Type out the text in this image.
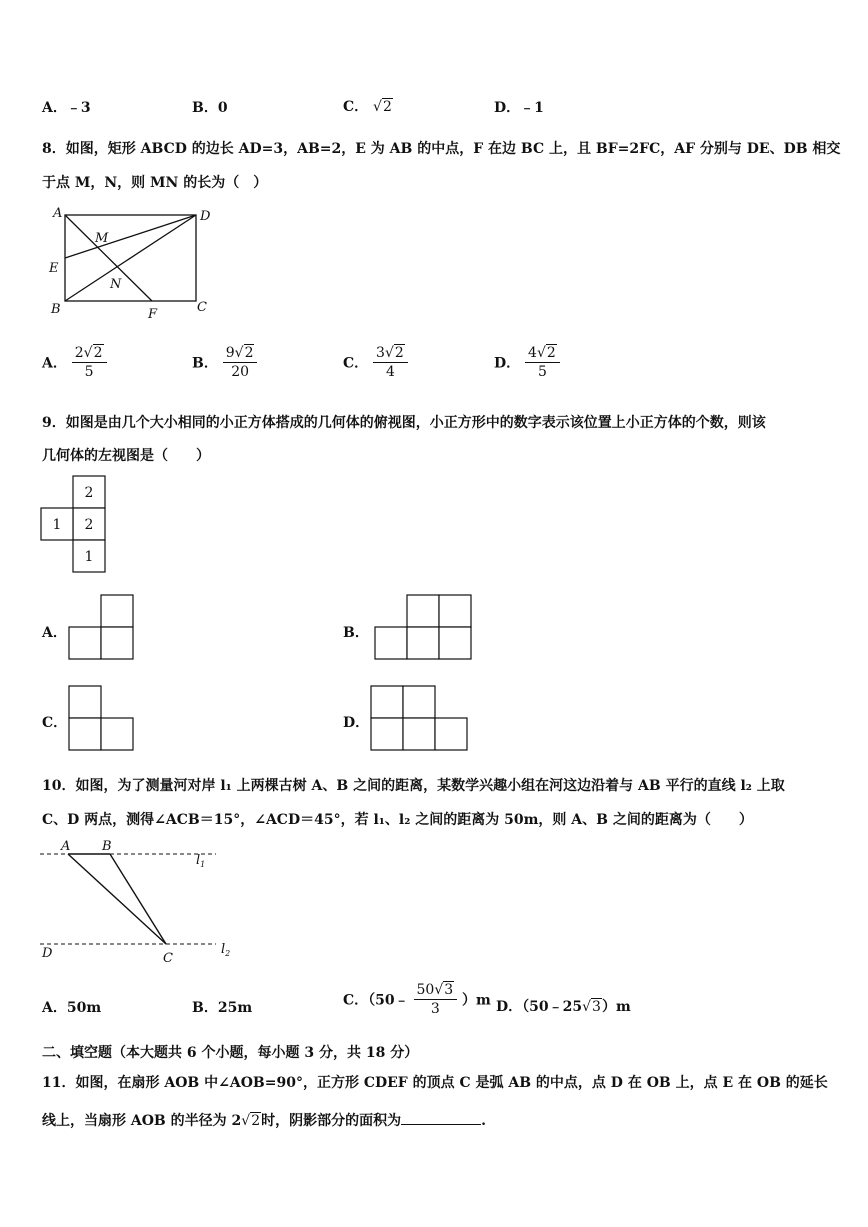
A．﹣3	B．0	C． √2	D．﹣1
8．如图，矩形 ABCD 的边长 AD=3，AB=2，E 为 AB 的中点，F 在边 BC 上，且 BF=2FC，AF 分别与 DE、DB 相交
于点 M，N，则 MN 的长为（　）
A	D
M
E
N
B	F	C
A． $\frac{2√2}{5}$	B． $\frac{9√2}{20}$	C． $\frac{3√2}{4}$	D． $\frac{4√2}{5}$
9．如图是由几个大小相同的小正方体搭成的几何体的俯视图，小正方形中的数字表示该位置上小正方体的个数，则该
几何体的左视图是（　　）
2
2
1
1
A．	B．
C．	D．
10．如图，为了测量河对岸 l₁ 上两棵古树 A、B 之间的距离，某数学兴趣小组在河这边沿着与 AB 平行的直线 l₂ 上取
C、D 两点，测得∠ACB＝15°，∠ACD＝45°，若 l₁、l₂ 之间的距离为 50m，则 A、B 之间的距离为（　　）
A B
$l_1$
D	C
$l_2$
A．50m	B．25m	C．（50﹣ $\frac{50√3}{3} )m$ D．（50﹣25√3）m
二、填空题（本大题共 6 个小题，每小题 3 分，共 18 分）
11．如图，在扇形 AOB 中∠AOB=90°，正方形 CDEF 的顶点 C 是弧 AB 的中点，点 D 在 OB 上，点 E 在 OB 的延长
线上，当扇形 AOB 的半径为 2√2时，阴影部分的面积为	.
